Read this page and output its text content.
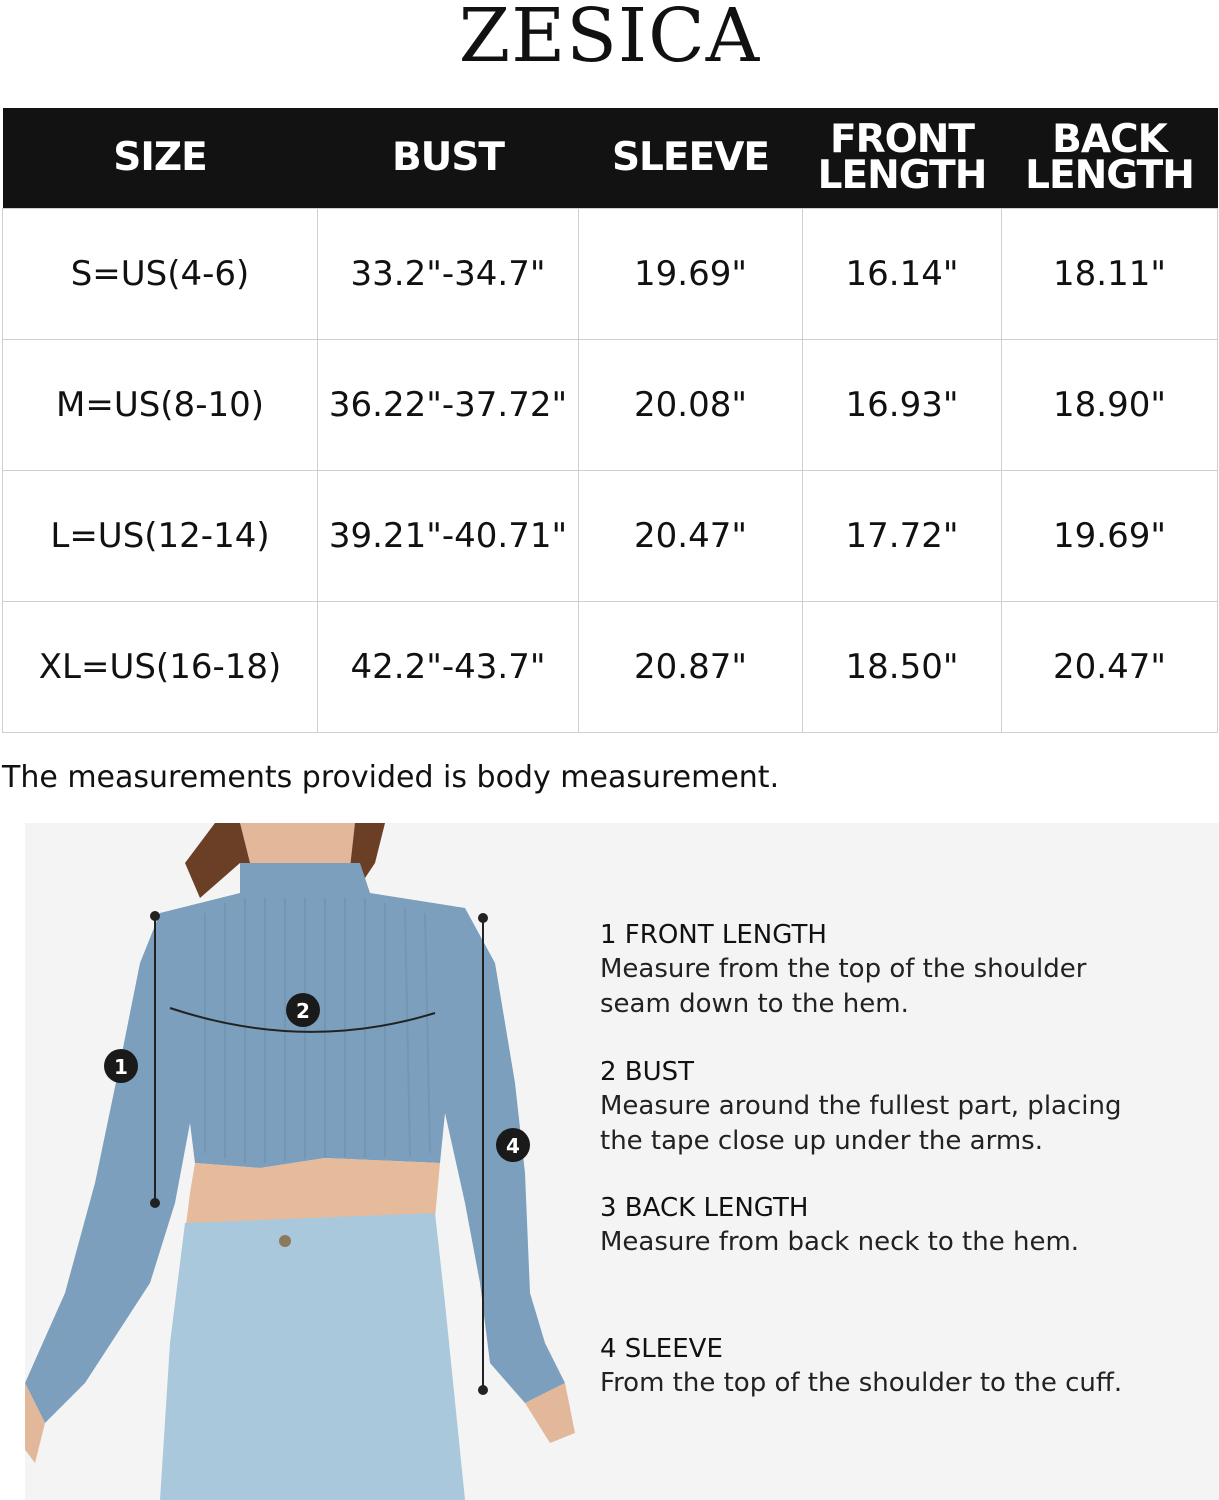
ZESICA
SIZE	BUST	SLEEVE	FRONT LENGTH	BACK LENGTH
S=US(4-6)	33.2"-34.7"	19.69"	16.14"	18.11"
M=US(8-10)	36.22"-37.72"	20.08"	16.93"	18.90"
L=US(12-14)	39.21"-40.71"	20.47"	17.72"	19.69"
XL=US(16-18)	42.2"-43.7"	20.87"	18.50"	20.47"
The measurements provided is body measurement.
1
2
4
1 FRONT LENGTH
Measure from the top of the shoulder
seam down to the hem.
2 BUST
Measure around the fullest part, placing
the tape close up under the arms.
3 BACK LENGTH
Measure from back neck to the hem.
4 SLEEVE
From the top of the shoulder to the cuff.
